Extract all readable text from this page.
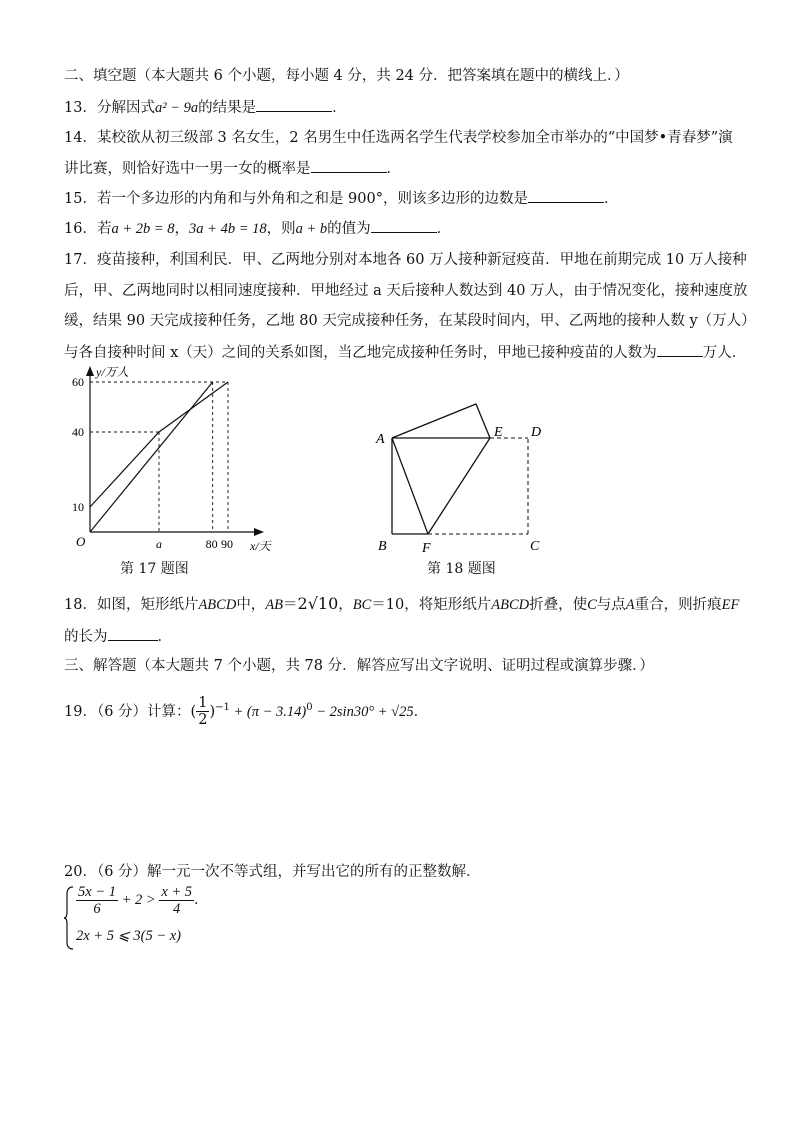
二、填空题（本大题共 6 个小题，每小题 4 分，共 24 分．把答案填在题中的横线上．）
13．分解因式a² − 9a的结果是	．
14．某校欲从初三级部 3 名女生，2 名男生中任选两名学生代表学校参加全市举办的“中国梦•青春梦”演
讲比赛，则恰好选中一男一女的概率是	．
15．若一个多边形的内角和与外角和之和是 900°，则该多边形的边数是	．
16．若a + 2b = 8，3a + 4b = 18，则a + b的值为	．
17．疫苗接种，利国利民．甲、乙两地分别对本地各 60 万人接种新冠疫苗．甲地在前期完成 10 万人接种
后，甲、乙两地同时以相同速度接种．甲地经过 a 天后接种人数达到 40 万人，由于情况变化，接种速度放
缓，结果 90 天完成接种任务，乙地 80 天完成接种任务，在某段时间内，甲、乙两地的接种人数 y（万人）
与各自接种时间 x（天）之间的关系如图，当乙地完成接种任务时，甲地已接种疫苗的人数为	万人．
10
40
60
a	80 90
y/万人
x/天
O
第 17 题图
A	E D
B	F	C
第 18 题图
18．如图，矩形纸片ABCD中，AB＝2√10，BC＝10，将矩形纸片ABCD折叠，使C与点A重合，则折痕EF
的长为	．
三、解答题（本大题共 7 个小题，共 78 分．解答应写出文字说明、证明过程或演算步骤．）
19．（6 分）计算：( $\frac{1}{2} )^{-1} + (\pi - 3.14)^0 - 2\sin 30^\circ + √25$．
20．（6 分）解一元一次不等式组，并写出它的所有的正整数解．
$\frac{5x - 1}{6} + 2 > \frac{x + 5}{4}$ ．
2x + 5 ⩽ 3(5 − x)
